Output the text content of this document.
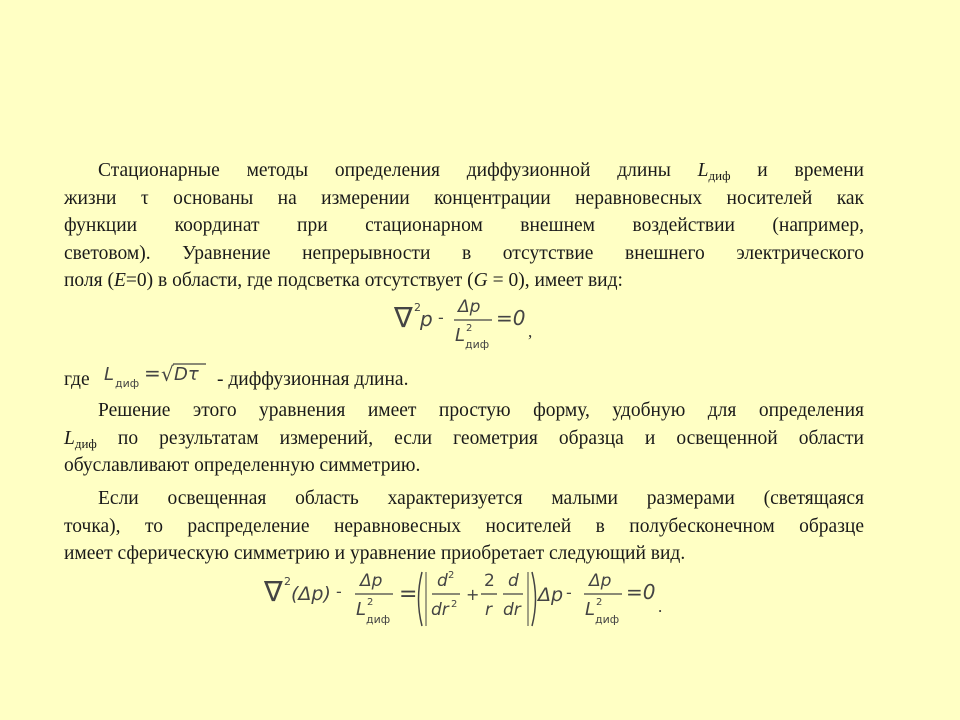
Стационарные методы определения диффузионной длины $L_{диф}$ и времени
жизни τ основаны на измерении концентрации неравновесных носителей как
функции координат при стационарном внешнем воздействии (например,
световом). Уравнение непрерывности в отсутствие внешнего электрического
поля (E=0) в области, где подсветка отсутствует (G = 0), имеет вид:
∇ 2 p -
Δp
L 2
диф
=0
,
где L диф = √ Dτ - диффузионная длина.
Решение этого уравнения имеет простую форму, удобную для определения
$L_{диф}$ по результатам измерений, если геометрия образца и освещенной области
обуславливают определенную симметрию.
Если освещенная область характеризуется малыми размерами (светящаяся
точка), то распределение неравновесных носителей в полубесконечном образце
имеет сферическую симметрию и уравнение приобретает следующий вид.
∇ 2
(Δp) -
Δp
L 2
диф
=
d 2
dr 2
+
2
r
d
dr
Δp -
Δp
L 2
диф
=0
.
